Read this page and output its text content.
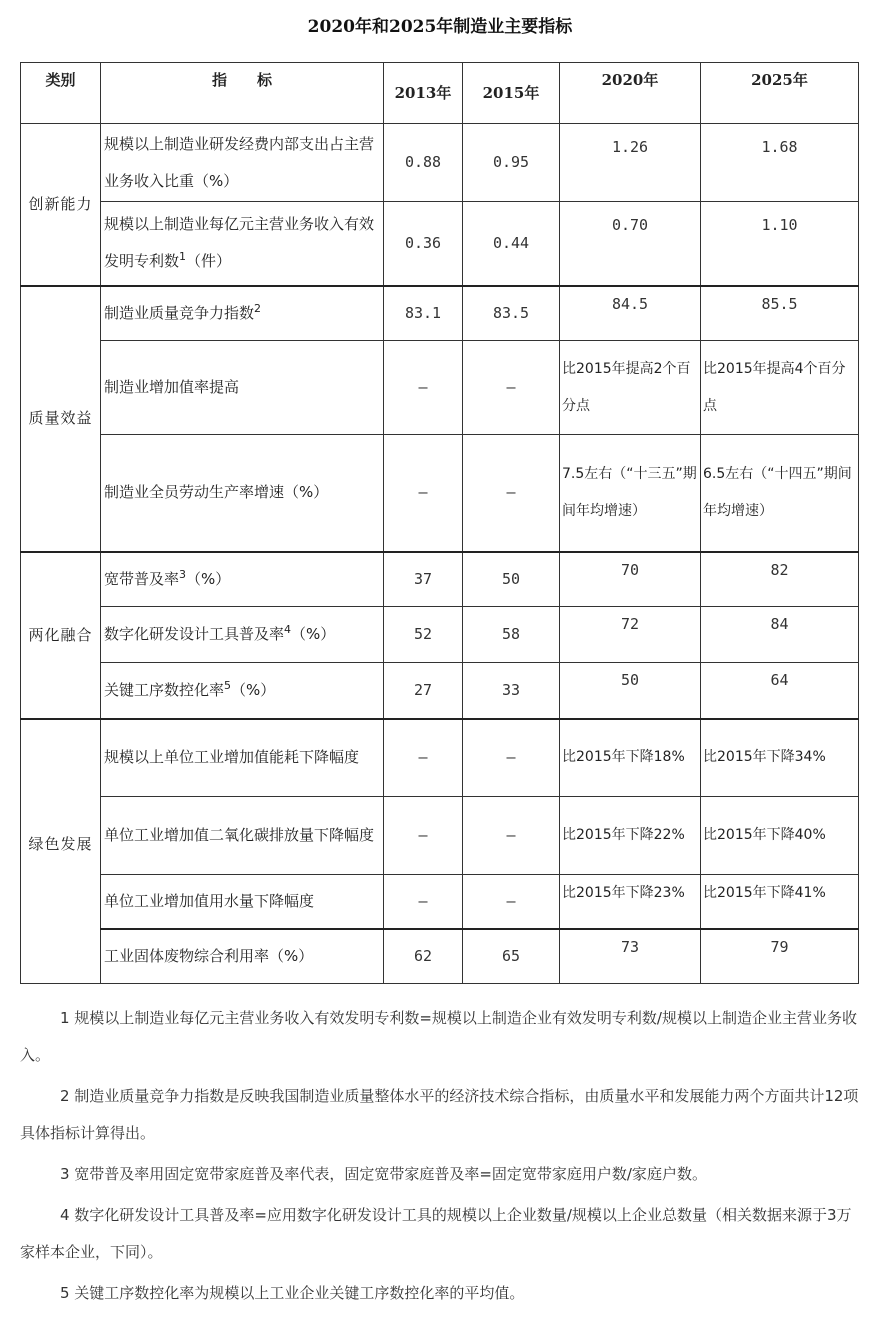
2020年和2025年制造业主要指标
类别	指　　标	2013年	2015年	2020年	2025年
创新能力	规模以上制造业研发经费内部支出占主营业务收入比重（%）	0.88	0.95	1.26	1.68
	规模以上制造业每亿元主营业务收入有效发明专利数$^1$（件）	0.36	0.44	0.70	1.10
质量效益	制造业质量竞争力指数$^2$	83.1	83.5	84.5	85.5
	制造业增加值率提高	–	–	比2015年提高2个百分点	比2015年提高4个百分点
	制造业全员劳动生产率增速（%）	–	–	7.5左右（“十三五”期间年均增速）	6.5左右（“十四五”期间年均增速）
两化融合	宽带普及率$^3$（%）	37	50	70	82
	数字化研发设计工具普及率$^4$（%）	52	58	72	84
	关键工序数控化率$^5$（%）	27	33	50	64
绿色发展	规模以上单位工业增加值能耗下降幅度	–	–	比2015年下降18%	比2015年下降34%
	单位工业增加值二氧化碳排放量下降幅度	–	–	比2015年下降22%	比2015年下降40%
	单位工业增加值用水量下降幅度	–	–	比2015年下降23%	比2015年下降41%
	工业固体废物综合利用率（%）	62	65	73	79

1 规模以上制造业每亿元主营业务收入有效发明专利数=规模以上制造企业有效发明专利数/规模以上制造企业主营业务收入。

2 制造业质量竞争力指数是反映我国制造业质量整体水平的经济技术综合指标，由质量水平和发展能力两个方面共计12项具体指标计算得出。

3 宽带普及率用固定宽带家庭普及率代表，固定宽带家庭普及率=固定宽带家庭用户数/家庭户数。

4 数字化研发设计工具普及率=应用数字化研发设计工具的规模以上企业数量/规模以上企业总数量（相关数据来源于3万家样本企业，下同）。

5 关键工序数控化率为规模以上工业企业关键工序数控化率的平均值。
